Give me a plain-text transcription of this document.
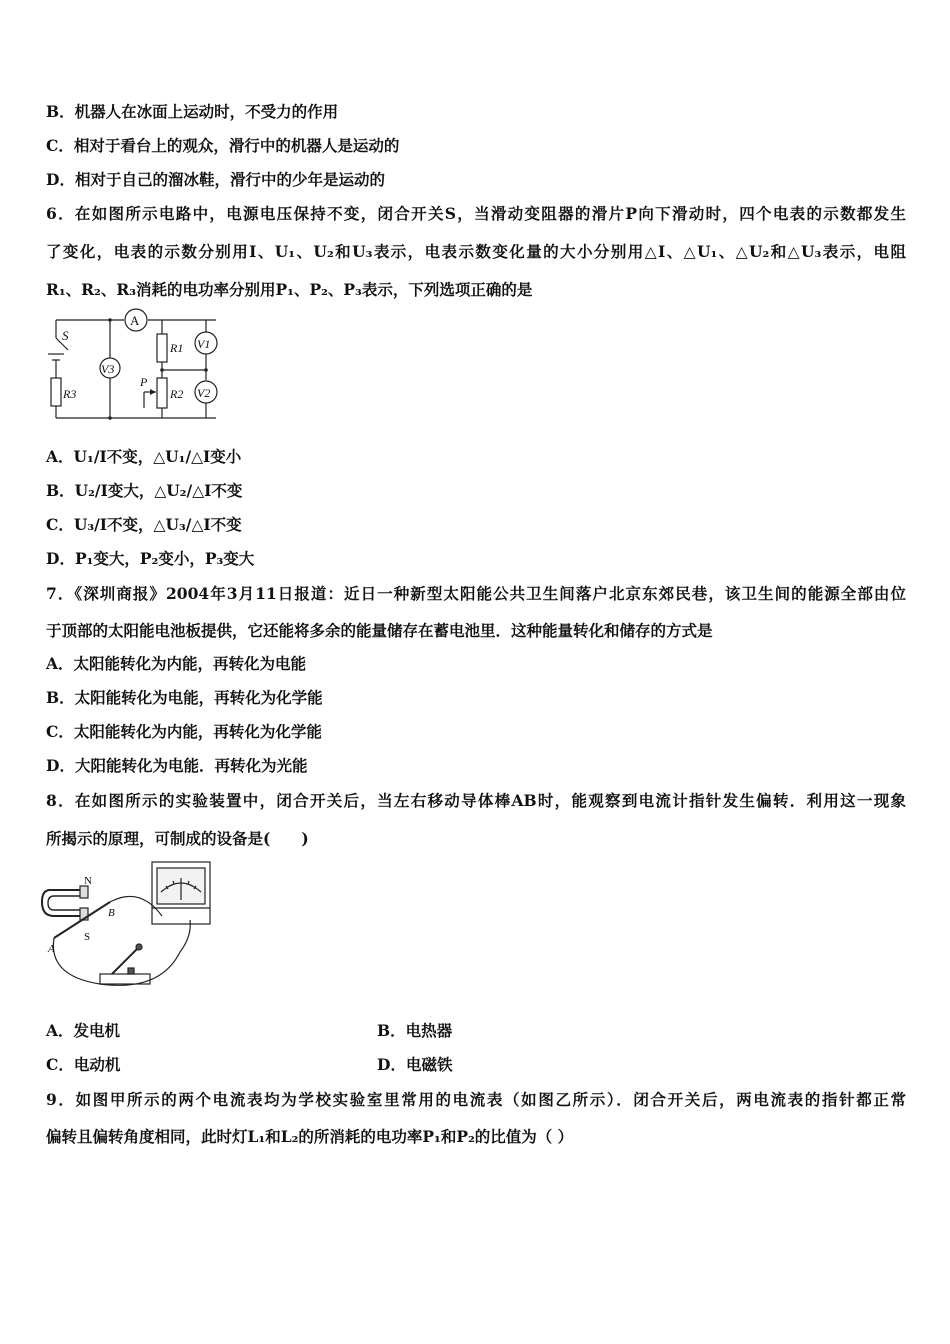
B．机器人在冰面上运动时，不受力的作用
C．相对于看台上的观众，滑行中的机器人是运动的
D．相对于自己的溜冰鞋，滑行中的少年是运动的
6．在如图所示电路中，电源电压保持不变，闭合开关S，当滑动变阻器的滑片P向下滑动时，四个电表的示数都发生
了变化，电表的示数分别用I、U₁、U₂和U₃表示，电表示数变化量的大小分别用△I、△U₁、△U₂和△U₃表示，电阻
R₁、R₂、R₃消耗的电功率分别用P₁、P₂、P₃表示，下列选项正确的是
S
A
V3
R3
R1 V1
P
R2 V2
A．U₁/I不变，△U₁/△I变小
B．U₂/I变大，△U₂/△I不变
C．U₃/I不变，△U₃/△I不变
D．P₁变大，P₂变小，P₃变大
7．《深圳商报》2004年3月11日报道：近日一种新型太阳能公共卫生间落户北京东郊民巷，该卫生间的能源全部由位
于顶部的太阳能电池板提供，它还能将多余的能量储存在蓄电池里．这种能量转化和储存的方式是
A．太阳能转化为内能，再转化为电能
B．太阳能转化为电能，再转化为化学能
C．太阳能转化为内能，再转化为化学能
D．大阳能转化为电能．再转化为光能
8．在如图所示的实验装置中，闭合开关后，当左右移动导体棒AB时，能观察到电流计指针发生偏转．利用这一现象
所揭示的原理，可制成的设备是(　　)
N
S
A
B
A．发电机	B．电热器
C．电动机	D．电磁铁
9．如图甲所示的两个电流表均为学校实验室里常用的电流表（如图乙所示）．闭合开关后，两电流表的指针都正常
偏转且偏转角度相同，此时灯L₁和L₂的所消耗的电功率P₁和P₂的比值为（ ）
